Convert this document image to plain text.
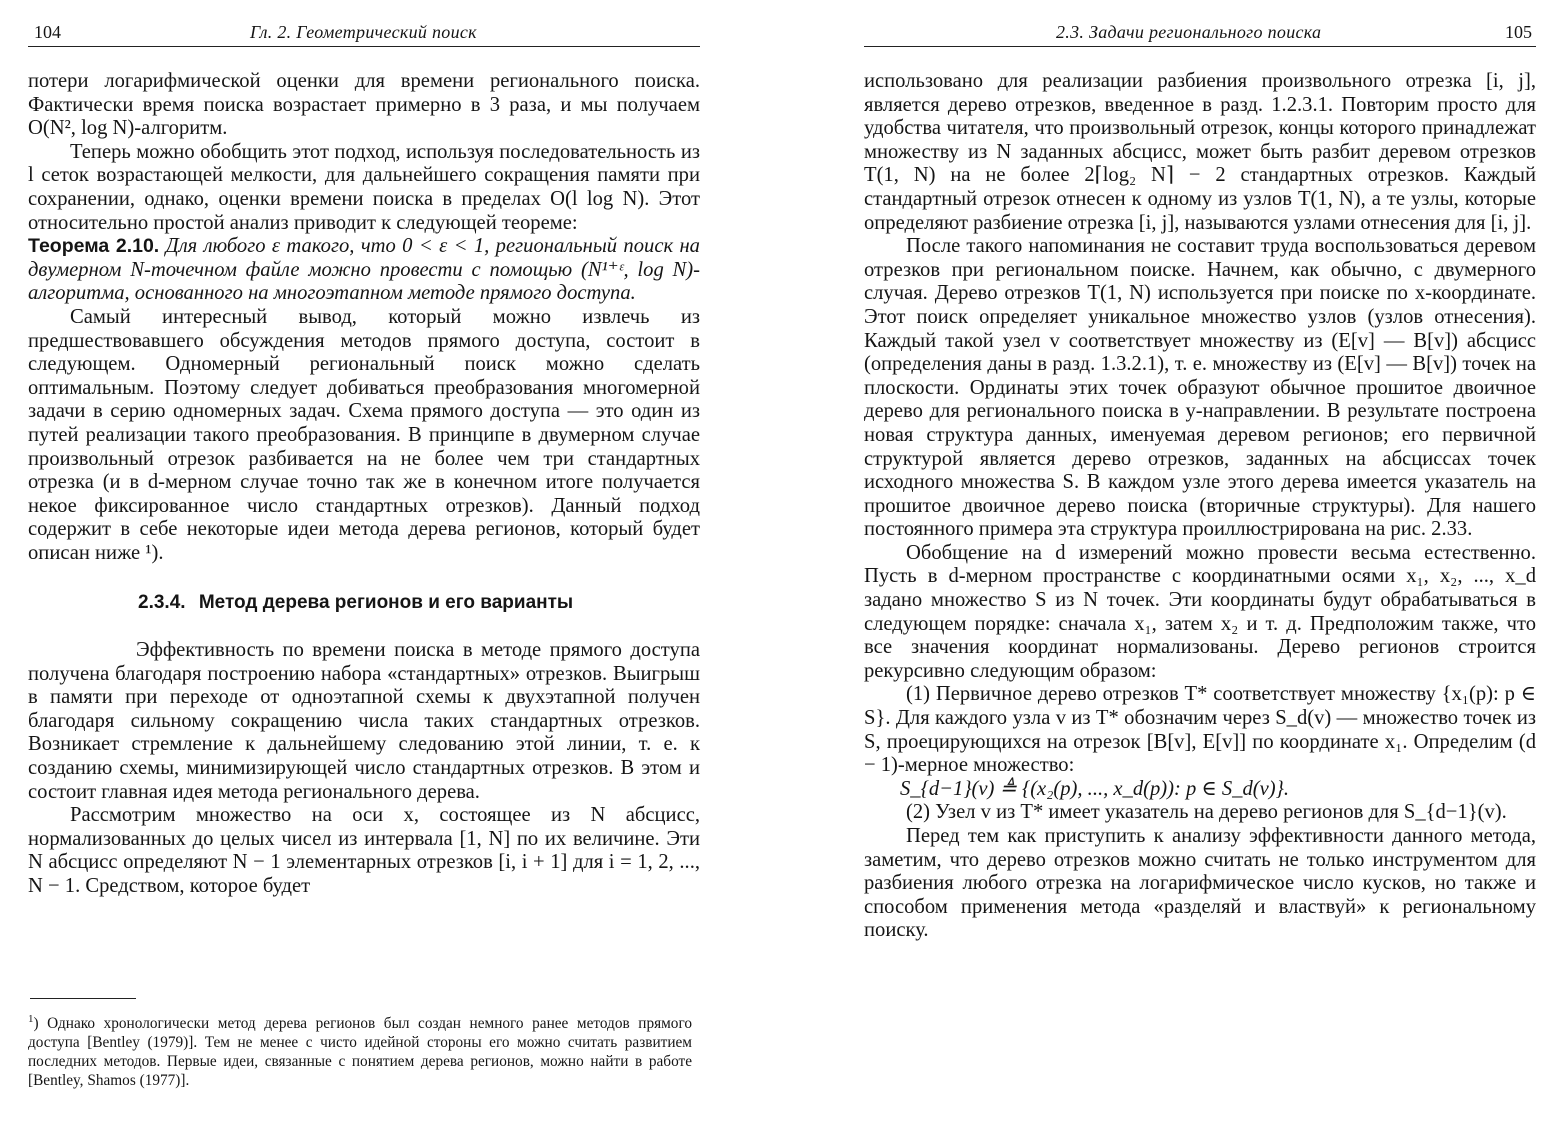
104	Гл. 2. Геометрический поиск

потери логарифмической оценки для времени регионального поиска. Фактически время поиска возрастает примерно в 3 раза, и мы получаем O(N², log N)-алгоритм.

Теперь можно обобщить этот подход, используя последовательность из l сеток возрастающей мелкости, для дальнейшего сокращения памяти при сохранении, однако, оценки времени поиска в пределах O(l log N). Этот относительно простой анализ приводит к следующей теореме:

Теорема 2.10. Для любого ε такого, что 0 < ε < 1, региональный поиск на двумерном N-точечном файле можно провести с помощью (N¹⁺ᵋ, log N)-алгоритма, основанного на многоэтапном методе прямого доступа.

Самый интересный вывод, который можно извлечь из предшествовавшего обсуждения методов прямого доступа, состоит в следующем. Одномерный региональный поиск можно сделать оптимальным. Поэтому следует добиваться преобразования многомерной задачи в серию одномерных задач. Схема прямого доступа — это один из путей реализации такого преобразования. В принципе в двумерном случае произвольный отрезок разбивается на не более чем три стандартных отрезка (и в d-мерном случае точно так же в конечном итоге получается некое фиксированное число стандартных отрезков). Данный подход содержит в себе некоторые идеи метода дерева регионов, который будет описан ниже ¹).

2.3.4. Метод дерева регионов и его варианты

Эффективность по времени поиска в методе прямого доступа получена благодаря построению набора «стандартных» отрезков. Выигрыш в памяти при переходе от одноэтапной схемы к двухэтапной получен благодаря сильному сокращению числа таких стандартных отрезков. Возникает стремление к дальнейшему следованию этой линии, т. е. к созданию схемы, минимизирующей число стандартных отрезков. В этом и состоит главная идея метода регионального дерева.

Рассмотрим множество на оси x, состоящее из N абсцисс, нормализованных до целых чисел из интервала [1, N] по их величине. Эти N абсцисс определяют N − 1 элементарных отрезков [i, i + 1] для i = 1, 2, ..., N − 1. Средством, которое будет

$^1$) Однако хронологически метод дерева регионов был создан немного ранее методов прямого доступа [Bentley (1979)]. Тем не менее с чисто идейной стороны его можно считать развитием последних методов. Первые идеи, связанные с понятием дерева регионов, можно найти в работе [Bentley, Shamos (1977)].
2.3. Задачи регионального поиска	105

использовано для реализации разбиения произвольного отрезка [i, j], является дерево отрезков, введенное в разд. 1.2.3.1. Повторим просто для удобства читателя, что произвольный отрезок, концы которого принадлежат множеству из N заданных абсцисс, может быть разбит деревом отрезков T(1, N) на не более 2⌈log₂ N⌉ − 2 стандартных отрезков. Каждый стандартный отрезок отнесен к одному из узлов T(1, N), а те узлы, которые определяют разбиение отрезка [i, j], называются узлами отнесения для [i, j].

После такого напоминания не составит труда воспользоваться деревом отрезков при региональном поиске. Начнем, как обычно, с двумерного случая. Дерево отрезков T(1, N) используется при поиске по x-координате. Этот поиск определяет уникальное множество узлов (узлов отнесения). Каждый такой узел v соответствует множеству из (E[v] — B[v]) абсцисс (определения даны в разд. 1.3.2.1), т. е. множеству из (E[v] — B[v]) точек на плоскости. Ординаты этих точек образуют обычное прошитое двоичное дерево для регионального поиска в y-направлении. В результате построена новая структура данных, именуемая деревом регионов; его первичной структурой является дерево отрезков, заданных на абсциссах точек исходного множества S. В каждом узле этого дерева имеется указатель на прошитое двоичное дерево поиска (вторичные структуры). Для нашего постоянного примера эта структура проиллюстрирована на рис. 2.33.

Обобщение на d измерений можно провести весьма естественно. Пусть в d-мерном пространстве с координатными осями x₁, x₂, ..., x_d задано множество S из N точек. Эти координаты будут обрабатываться в следующем порядке: сначала x₁, затем x₂ и т. д. Предположим также, что все значения координат нормализованы. Дерево регионов строится рекурсивно следующим образом:

(1) Первичное дерево отрезков T* соответствует множеству {x₁(p): p ∈ S}. Для каждого узла v из T* обозначим через S_d(v) — множество точек из S, проецирующихся на отрезок [B[v], E[v]] по координате x₁. Определим (d − 1)-мерное множество:

S_{d−1}(v) ≜ {(x₂(p), ..., x_d(p)): p ∈ S_d(v)}.

(2) Узел v из T* имеет указатель на дерево регионов для S_{d−1}(v).

Перед тем как приступить к анализу эффективности данного метода, заметим, что дерево отрезков можно считать не только инструментом для разбиения любого отрезка на логарифмическое число кусков, но также и способом применения метода «разделяй и властвуй» к региональному поиску.
